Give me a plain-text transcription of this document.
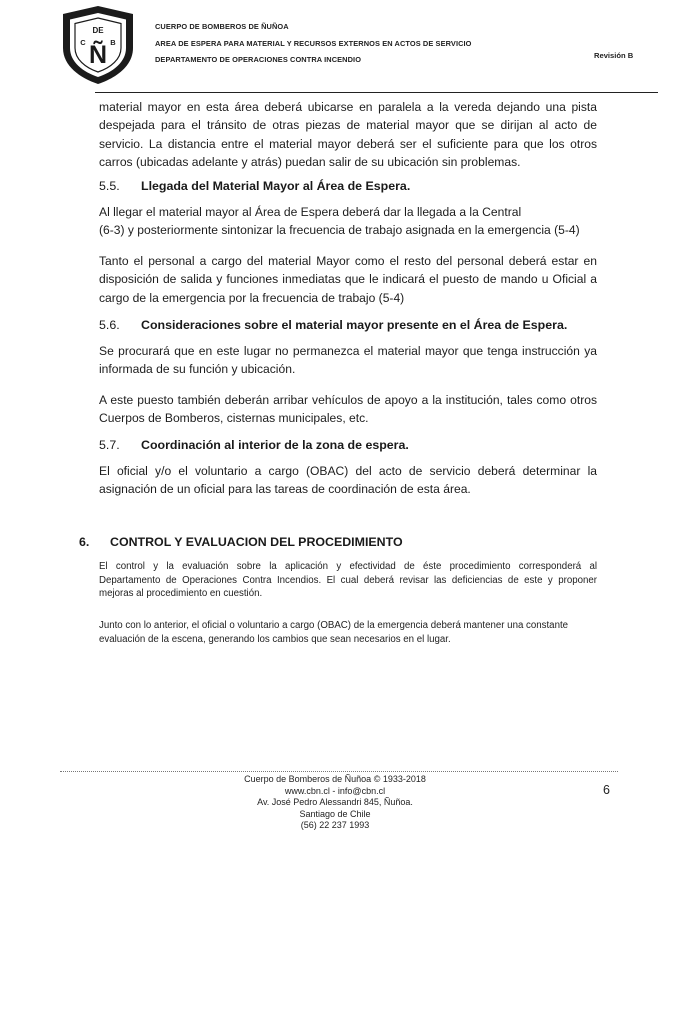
DE
C	B
Ñ
CUERPO DE BOMBEROS DE ÑUÑOA
AREA DE ESPERA PARA MATERIAL Y RECURSOS EXTERNOS EN ACTOS DE SERVICIO
DEPARTAMENTO DE OPERACIONES CONTRA INCENDIO	Revisión B
material mayor en esta área deberá ubicarse en paralela a la vereda dejando una pista
despejada para el tránsito de otras piezas de material mayor que se dirijan al acto de
servicio. La distancia entre el material mayor deberá ser el suficiente para que los otros
carros (ubicadas adelante y atrás) puedan salir de su ubicación sin problemas.
5.5. Llegada del Material Mayor al Área de Espera.
Al llegar el material mayor al Área de Espera deberá dar la llegada a la Central
(6-3) y posteriormente sintonizar la frecuencia de trabajo asignada en la emergencia (5-4)
Tanto el personal a cargo del material Mayor como el resto del personal deberá estar en
disposición de salida y funciones inmediatas que le indicará el puesto de mando u Oficial a
cargo de la emergencia por la frecuencia de trabajo (5-4)
5.6. Consideraciones sobre el material mayor presente en el Área de Espera.
Se procurará que en este lugar no permanezca el material mayor que tenga instrucción ya
informada de su función y ubicación.
A este puesto también deberán arribar vehículos de apoyo a la institución, tales como otros
Cuerpos de Bomberos, cisternas municipales, etc.
5.7. Coordinación al interior de la zona de espera.
El oficial y/o el voluntario a cargo (OBAC) del acto de servicio deberá determinar la
asignación de un oficial para las tareas de coordinación de esta área.
6. CONTROL Y EVALUACION DEL PROCEDIMIENTO
El control y la evaluación sobre la aplicación y efectividad de éste procedimiento corresponderá al
Departamento de Operaciones Contra Incendios. El cual deberá revisar las deficiencias de este y proponer
mejoras al procedimiento en cuestión.
Junto con lo anterior, el oficial o voluntario a cargo (OBAC) de la emergencia deberá mantener una constante
evaluación de la escena, generando los cambios que sean necesarios en el lugar.
Cuerpo de Bomberos de Ñuñoa © 1933-2018
www.cbn.cl - info@cbn.cl
Av. José Pedro Alessandri 845, Ñuñoa.
Santiago de Chile
(56) 22 237 1993
6
